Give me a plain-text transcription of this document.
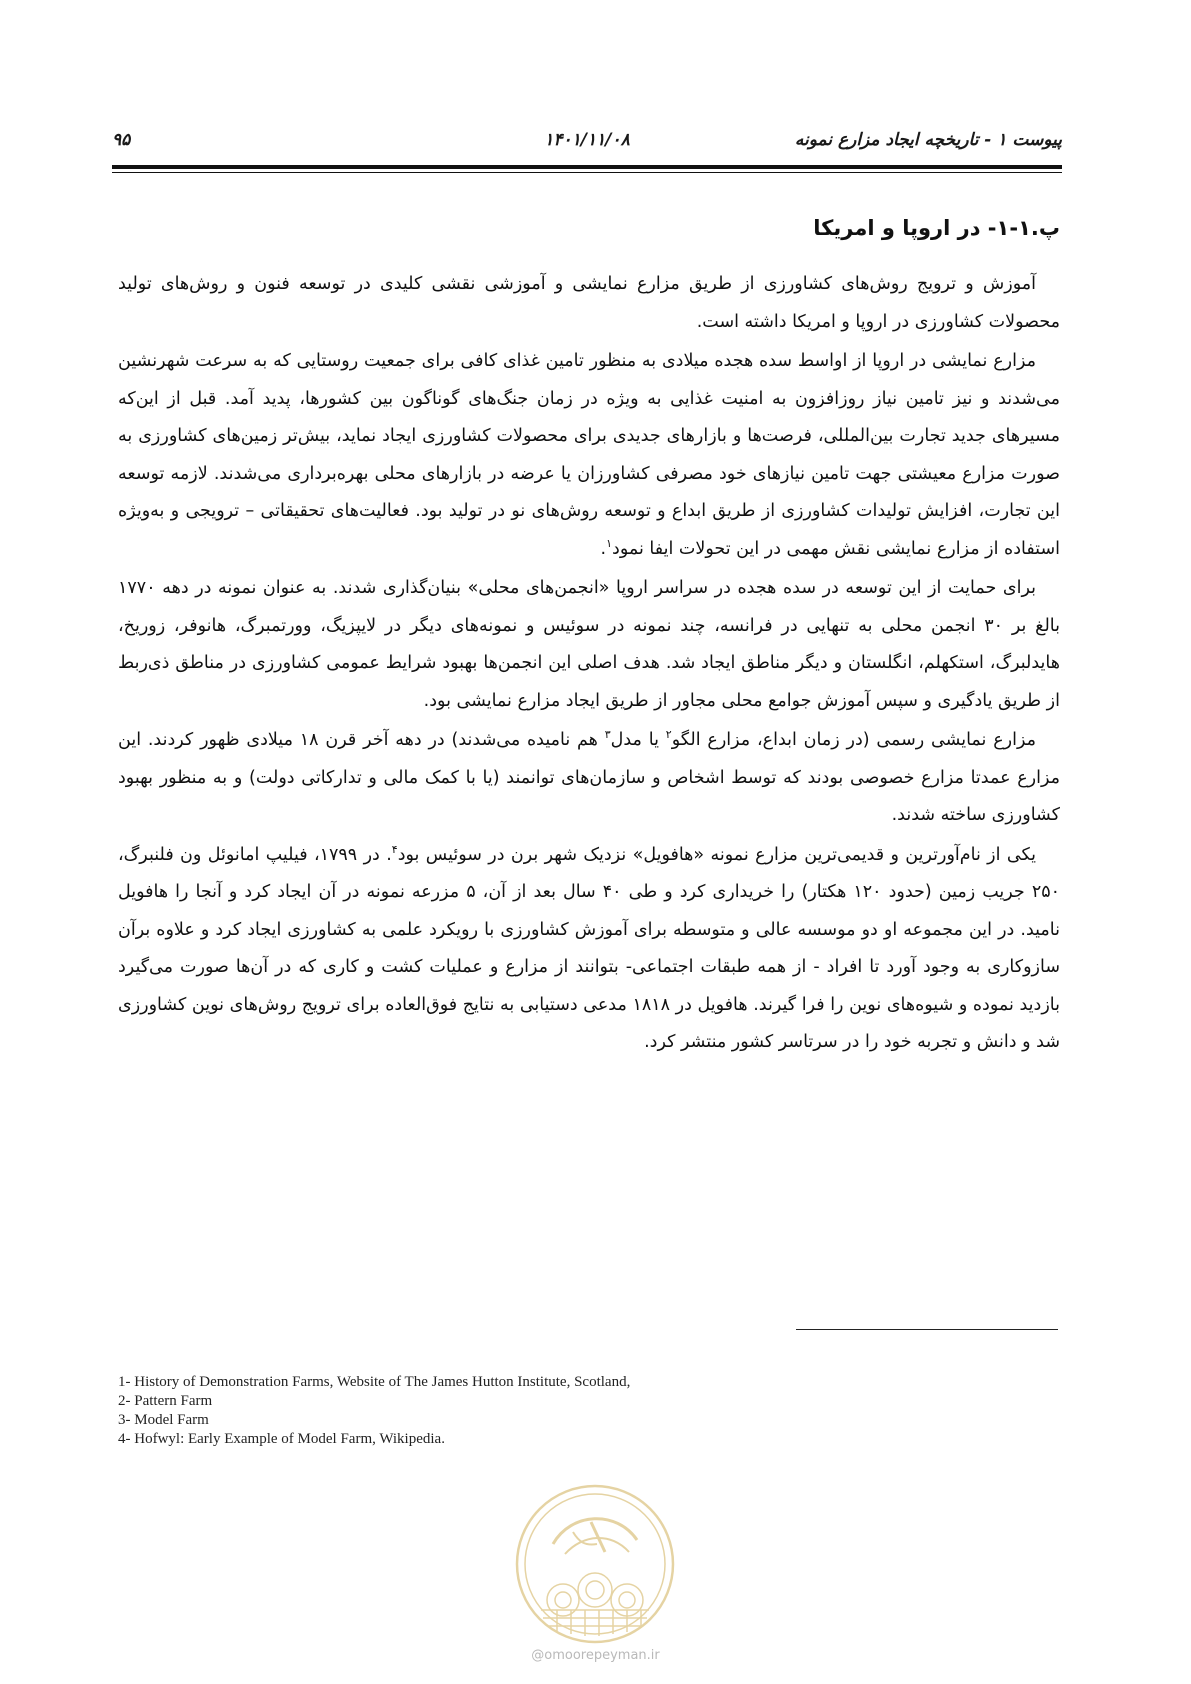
۹۵	۱۴۰۱/۱۱/۰۸	پیوست ۱ - تاریخچه ایجاد مزارع نمونه
پ.۱-۱- در اروپا و امریکا

آموزش و ترویج روش‌های کشاورزی از طریق مزارع نمایشی و آموزشی نقشی کلیدی در توسعه فنون و روش‌های تولید محصولات کشاورزی در اروپا و امریکا داشته است.

مزارع نمایشی در اروپا از اواسط سده هجده میلادی به منظور تامین غذای کافی برای جمعیت روستایی که به سرعت شهرنشین می‌شدند و نیز تامین نیاز روزافزون به امنیت غذایی به ویژه در زمان جنگ‌های گوناگون بین کشورها، پدید آمد. قبل از این‌که مسیرهای جدید تجارت بین‌المللی، فرصت‌ها و بازارهای جدیدی برای محصولات کشاورزی ایجاد نماید، بیش‌تر زمین‌های کشاورزی به صورت مزارع معیشتی جهت تامین نیازهای خود مصرفی کشاورزان یا عرضه در بازارهای محلی بهره‌برداری می‌شدند. لازمه توسعه این تجارت، افزایش تولیدات کشاورزی از طریق ابداع و توسعه روش‌های نو در تولید بود. فعالیت‌های تحقیقاتی – ترویجی و به‌ویژه استفاده از مزارع نمایشی نقش مهمی در این تحولات ایفا نمود$^۱$.

برای حمایت از این توسعه در سده هجده در سراسر اروپا «انجمن‌های محلی» بنیان‌گذاری شدند. به عنوان نمونه در دهه ۱۷۷۰ بالغ بر ۳۰ انجمن محلی به تنهایی در فرانسه، چند نمونه در سوئیس و نمونه‌های دیگر در لایپزیگ، وورتمبرگ، هانوفر، زوریخ، هایدلبرگ، استکهلم، انگلستان و دیگر مناطق ایجاد شد. هدف اصلی این انجمن‌ها بهبود شرایط عمومی کشاورزی در مناطق ذی‌ربط از طریق یادگیری و سپس آموزش جوامع محلی مجاور از طریق ایجاد مزارع نمایشی بود.

مزارع نمایشی رسمی (در زمان ابداع، مزارع الگو$^۲$ یا مدل$^۳$ هم نامیده می‌شدند) در دهه آخر قرن ۱۸ میلادی ظهور کردند. این مزارع عمدتا مزارع خصوصی بودند که توسط اشخاص و سازمان‌های توانمند (یا با کمک مالی و تدارکاتی دولت) و به منظور بهبود کشاورزی ساخته شدند.

یکی از نام‌آورترین و قدیمی‌ترین مزارع نمونه «هافویل» نزدیک شهر برن در سوئیس بود$^۴$. در ۱۷۹۹، فیلیپ امانوئل ون فلنبرگ، ۲۵۰ جریب زمین (حدود ۱۲۰ هکتار) را خریداری کرد و طی ۴۰ سال بعد از آن، ۵ مزرعه نمونه در آن ایجاد کرد و آنجا را هافویل نامید. در این مجموعه او دو موسسه عالی و متوسطه برای آموزش کشاورزی با رویکرد علمی به کشاورزی ایجاد کرد و علاوه برآن سازوکاری به وجود آورد تا افراد - از همه طبقات اجتماعی- بتوانند از مزارع و عملیات کشت و کاری که در آن‌ها صورت می‌گیرد بازدید نموده و شیوه‌های نوین را فرا گیرند. هافویل در ۱۸۱۸ مدعی دستیابی به نتایج فوق‌العاده برای ترویج روش‌های نوین کشاورزی شد و دانش و تجربه خود را در سرتاسر کشور منتشر کرد.

1- History of Demonstration Farms, Website of The James Hutton Institute, Scotland,
2- Pattern Farm
3- Model Farm
4- Hofwyl: Early Example of Model Farm, Wikipedia.
@omoorepeyman.ir
